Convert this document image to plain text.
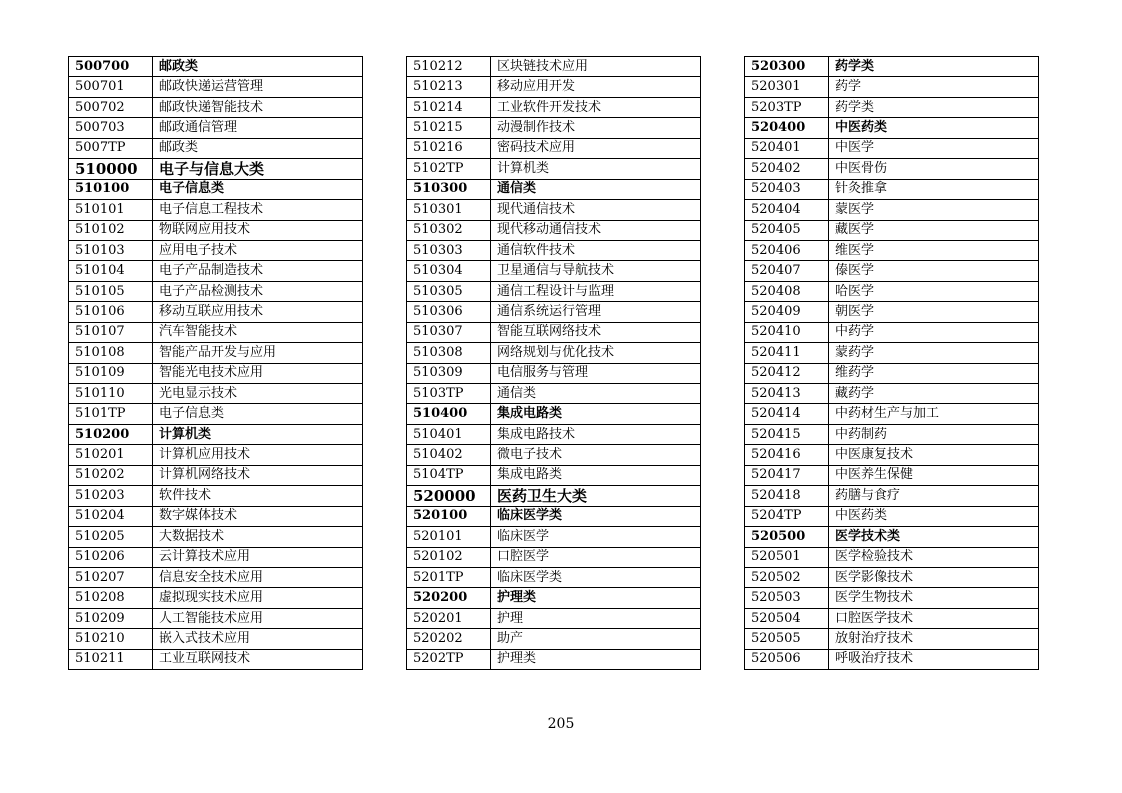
500700	邮政类
500701	邮政快递运营管理
500702	邮政快递智能技术
500703	邮政通信管理
5007TP	邮政类
510000	电子与信息大类
510100	电子信息类
510101	电子信息工程技术
510102	物联网应用技术
510103	应用电子技术
510104	电子产品制造技术
510105	电子产品检测技术
510106	移动互联应用技术
510107	汽车智能技术
510108	智能产品开发与应用
510109	智能光电技术应用
510110	光电显示技术
5101TP	电子信息类
510200	计算机类
510201	计算机应用技术
510202	计算机网络技术
510203	软件技术
510204	数字媒体技术
510205	大数据技术
510206	云计算技术应用
510207	信息安全技术应用
510208	虚拟现实技术应用
510209	人工智能技术应用
510210	嵌入式技术应用
510211	工业互联网技术
510212	区块链技术应用
510213	移动应用开发
510214	工业软件开发技术
510215	动漫制作技术
510216	密码技术应用
5102TP	计算机类
510300	通信类
510301	现代通信技术
510302	现代移动通信技术
510303	通信软件技术
510304	卫星通信与导航技术
510305	通信工程设计与监理
510306	通信系统运行管理
510307	智能互联网络技术
510308	网络规划与优化技术
510309	电信服务与管理
5103TP	通信类
510400	集成电路类
510401	集成电路技术
510402	微电子技术
5104TP	集成电路类
520000	医药卫生大类
520100	临床医学类
520101	临床医学
520102	口腔医学
5201TP	临床医学类
520200	护理类
520201	护理
520202	助产
5202TP	护理类
520300	药学类
520301	药学
5203TP	药学类
520400	中医药类
520401	中医学
520402	中医骨伤
520403	针灸推拿
520404	蒙医学
520405	藏医学
520406	维医学
520407	傣医学
520408	哈医学
520409	朝医学
520410	中药学
520411	蒙药学
520412	维药学
520413	藏药学
520414	中药材生产与加工
520415	中药制药
520416	中医康复技术
520417	中医养生保健
520418	药膳与食疗
5204TP	中医药类
520500	医学技术类
520501	医学检验技术
520502	医学影像技术
520503	医学生物技术
520504	口腔医学技术
520505	放射治疗技术
520506	呼吸治疗技术
205
